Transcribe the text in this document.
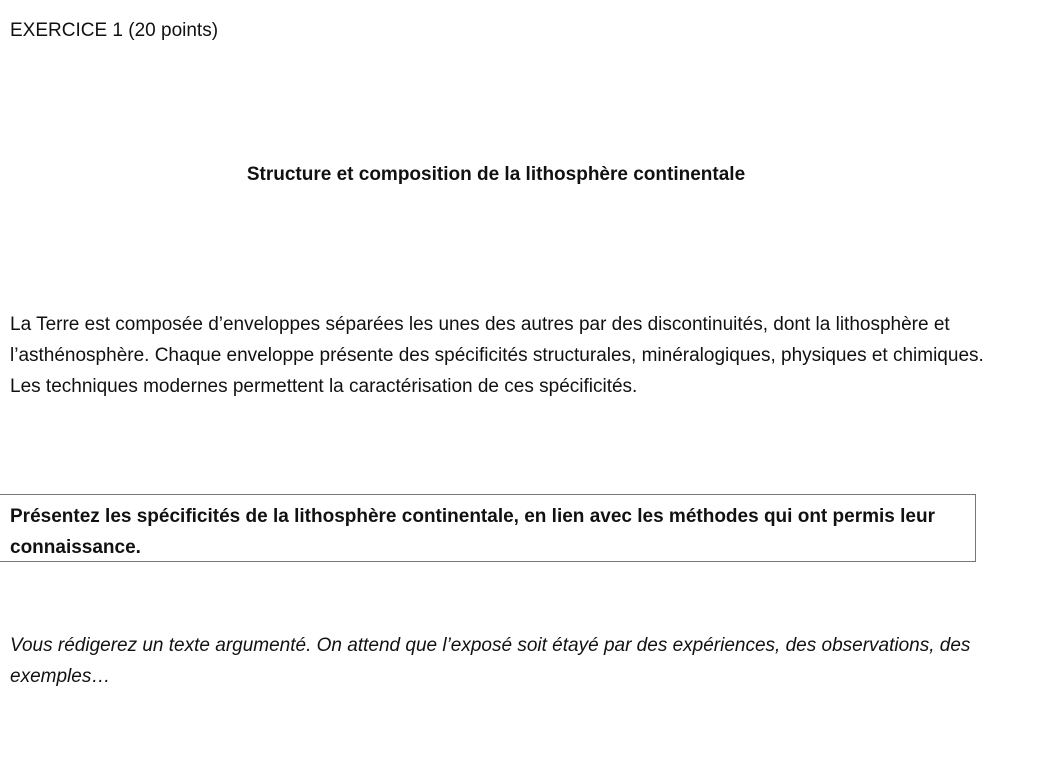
EXERCICE 1 (20 points)
Structure et composition de la lithosphère continentale

La Terre est composée d’enveloppes séparées les unes des autres par des discontinuités, dont la lithosphère et l’asthénosphère. Chaque enveloppe présente des spécificités structurales, minéralogiques, physiques et chimiques. Les techniques modernes permettent la caractérisation de ces spécificités.

Présentez les spécificités de la lithosphère continentale, en lien avec les méthodes qui ont permis leur connaissance.

Vous rédigerez un texte argumenté. On attend que l’exposé soit étayé par des expériences, des observations, des exemples…
